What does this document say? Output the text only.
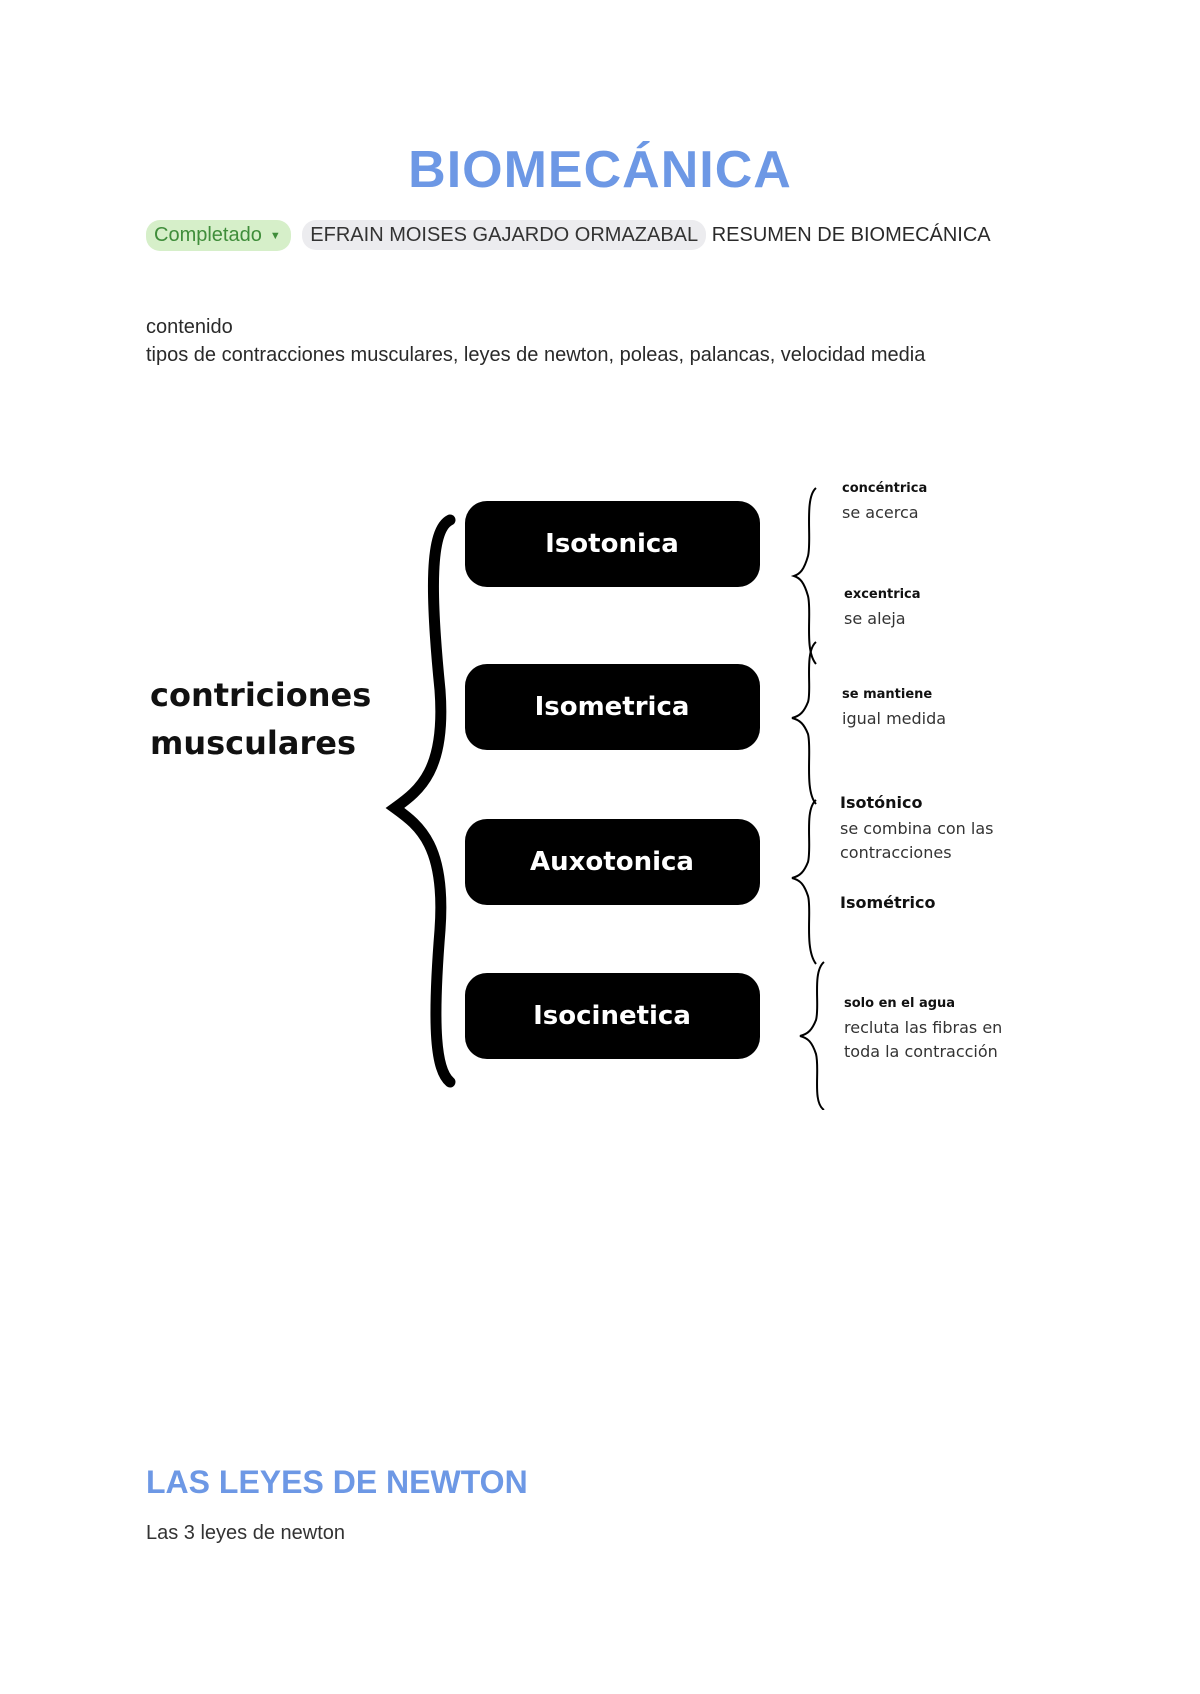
BIOMECÁNICA
Completado ▼ EFRAIN MOISES GAJARDO ORMAZABAL RESUMEN DE BIOMECÁNICA
contenido
tipos de contracciones musculares, leyes de newton, poleas, palancas, velocidad media
contriciones
musculares
Isotonica
Isometrica
Auxotonica
Isocinetica
concéntrica
se acerca
excentrica
se aleja
se mantiene
igual medida
Isotónico
se combina con las
contracciones
Isométrico
solo en el agua
recluta las fibras en
toda la contracción
LAS LEYES DE NEWTON
Las 3 leyes de newton
